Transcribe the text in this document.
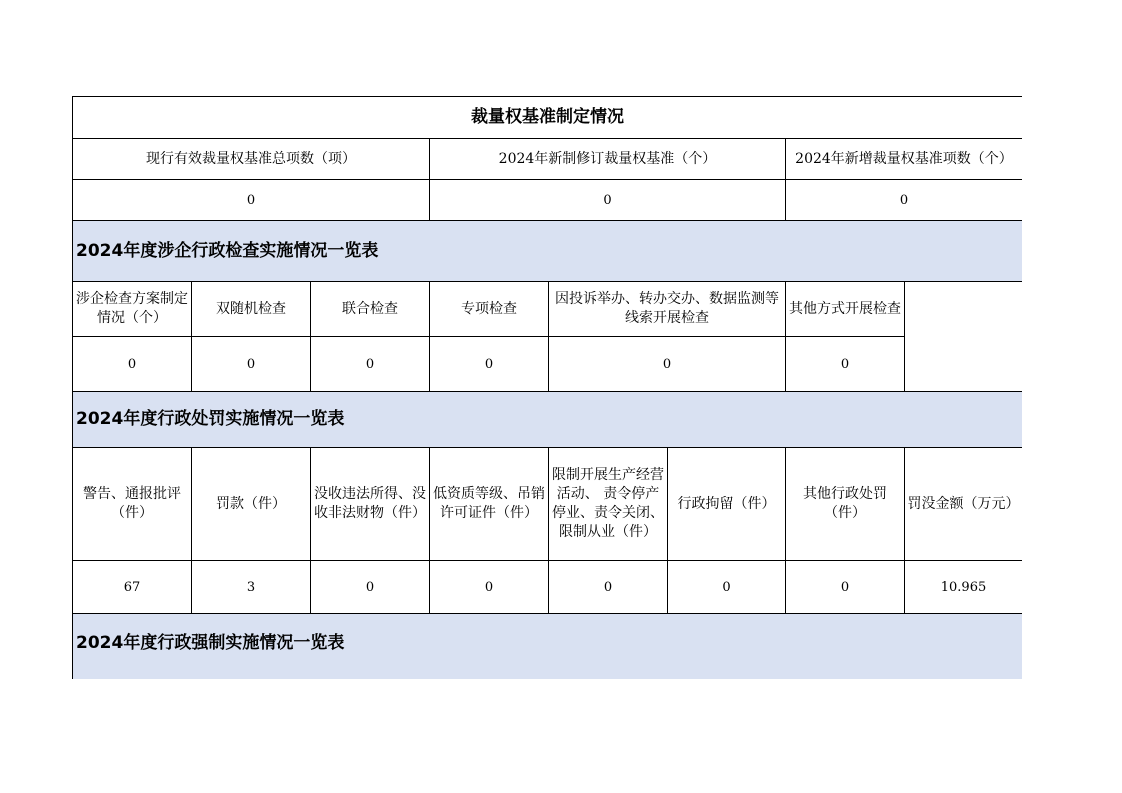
裁量权基准制定情况							
现行有效裁量权基准总项数（项）			2024年新制修订裁量权基准（个）			2024年新增裁量权基准项数（个）	
0			0			0	
2024年度涉企行政检查实施情况一览表							
涉企检查方案制定情况（个）	双随机检查	联合检查	专项检查	因投诉举办、转办交办、数据监测等线索开展检查		其他方式开展检查	
0	0	0	0	0		0	
2024年度行政处罚实施情况一览表							
警告、通报批评（件）	罚款（件）	没收违法所得、没收非法财物（件）	低资质等级、吊销许可证件（件）	限制开展生产经营活动、 责令停产停业、责令关闭、限制从业（件）	行政拘留（件）	其他行政处罚（件）	罚没金额（万元）
67	3	0	0	0	0	0	10.965
2024年度行政强制实施情况一览表							
